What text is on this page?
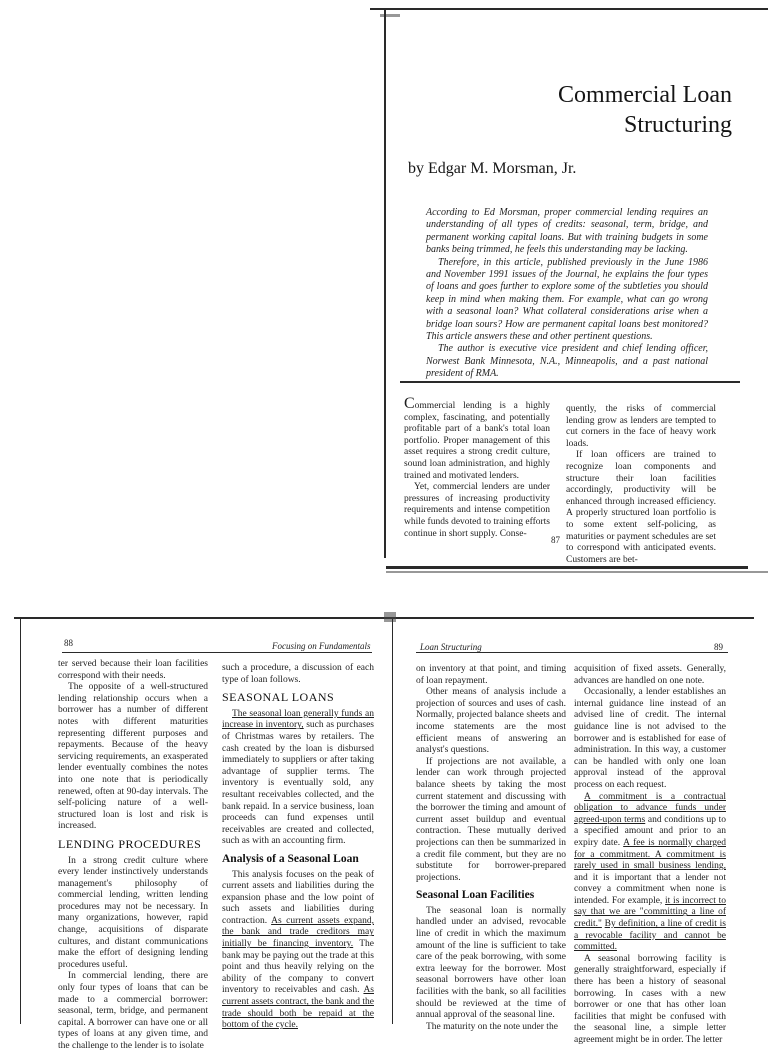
Commercial Loan
Structuring
by Edgar M. Morsman, Jr.

According to Ed Morsman, proper commercial lending requires an understanding of all types of credits: seasonal, term, bridge, and permanent working capital loans. But with training budgets in some banks being trimmed, he feels this understanding may be lacking.

Therefore, in this article, published previously in the June 1986 and November 1991 issues of the Journal, he explains the four types of loans and goes further to explore some of the subtleties you should keep in mind when making them. For example, what can go wrong with a seasonal loan? What collateral considerations arise when a bridge loan sours? How are permanent capital loans best monitored? This article answers these and other pertinent questions.

The author is executive vice president and chief lending officer, Norwest Bank Minnesota, N.A., Minneapolis, and a past national president of RMA.

Commercial lending is a highly complex, fascinating, and potentially profitable part of a bank's total loan portfolio. Proper management of this asset requires a strong credit culture, sound loan administration, and highly trained and motivated lenders.

Yet, commercial lenders are under pressures of increasing productivity requirements and intense competition while funds devoted to training efforts continue in short supply. Conse-

quently, the risks of commercial lending grow as lenders are tempted to cut corners in the face of heavy work loads.

If loan officers are trained to recognize loan components and structure their loan facilities accordingly, productivity will be enhanced through increased efficiency. A properly structured loan portfolio is to some extent self-policing, as maturities or payment schedules are set to correspond with anticipated events. Customers are bet-

87
88	Focusing on Fundamentals

ter served because their loan facilities correspond with their needs.

The opposite of a well-structured lending relationship occurs when a borrower has a number of different notes with different maturities representing different purposes and repayments. Because of the heavy servicing requirements, an exasperated lender eventually combines the notes into one note that is periodically renewed, often at 90-day intervals. The self-policing nature of a well-structured loan is lost and risk is increased.

LENDING PROCEDURES

In a strong credit culture where every lender instinctively understands management's philosophy of commercial lending, written lending procedures may not be necessary. In many organizations, however, rapid change, acquisitions of disparate cultures, and distant communications make the effort of designing lending procedures useful.

In commercial lending, there are only four types of loans that can be made to a commercial borrower: seasonal, term, bridge, and permanent capital. A borrower can have one or all types of loans at any given time, and the challenge to the lender is to isolate

such a procedure, a discussion of each type of loan follows.

SEASONAL LOANS

The seasonal loan generally funds an increase in inventory, such as purchases of Christmas wares by retailers. The cash created by the loan is disbursed immediately to suppliers or after taking advantage of supplier terms. The inventory is eventually sold, any resultant receivables collected, and the bank repaid. In a service business, loan proceeds can fund expenses until receivables are created and collected, such as with an accounting firm.

Analysis of a Seasonal Loan

This analysis focuses on the peak of current assets and liabilities during the expansion phase and the low point of such assets and liabilities during contraction. As current assets expand, the bank and trade creditors may initially be financing inventory. The bank may be paying out the trade at this point and thus heavily relying on the ability of the company to convert inventory to receivables and cash. As current assets contract, the bank and the trade should both be repaid at the bottom of the cycle.

Loan Structuring	89

on inventory at that point, and timing of loan repayment.

Other means of analysis include a projection of sources and uses of cash. Normally, projected balance sheets and income statements are the most efficient means of answering an analyst's questions.

If projections are not available, a lender can work through projected balance sheets by taking the most current statement and discussing with the borrower the timing and amount of current asset buildup and eventual contraction. These mutually derived projections can then be summarized in a credit file comment, but they are no substitute for borrower-prepared projections.

Seasonal Loan Facilities

The seasonal loan is normally handled under an advised, revocable line of credit in which the maximum amount of the line is sufficient to take care of the peak borrowing, with some extra leeway for the borrower. Most seasonal borrowers have other loan facilities with the bank, so all facilities should be reviewed at the time of annual approval of the seasonal line.

The maturity on the note under the

acquisition of fixed assets. Generally, advances are handled on one note.

Occasionally, a lender establishes an internal guidance line instead of an advised line of credit. The internal guidance line is not advised to the borrower and is established for ease of administration. In this way, a customer can be handled with only one loan approval instead of the approval process on each request.

A commitment is a contractual obligation to advance funds under agreed-upon terms and conditions up to a specified amount and prior to an expiry date. A fee is normally charged for a commitment. A commitment is rarely used in small business lending, and it is important that a lender not convey a commitment when none is intended. For example, it is incorrect to say that we are "committing a line of credit." By definition, a line of credit is a revocable facility and cannot be committed.

A seasonal borrowing facility is generally straightforward, especially if there has been a history of seasonal borrowing. In cases with a new borrower or one that has other loan facilities that might be confused with the seasonal line, a simple letter agreement might be in order. The letter
